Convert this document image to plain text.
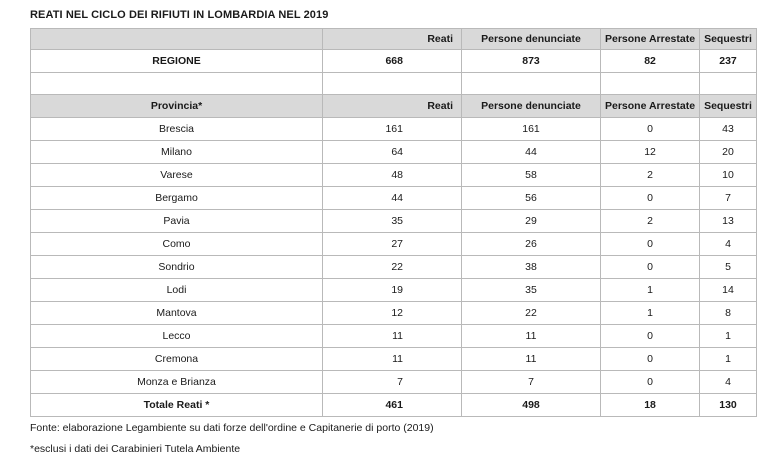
REATI NEL CICLO DEI RIFIUTI IN LOMBARDIA NEL 2019
	Reati	Persone denunciate	Persone Arrestate	Sequestri
REGIONE	668	873	82	237

Provincia*	Reati	Persone denunciate	Persone Arrestate	Sequestri
Brescia	161	161	0	43
Milano	64	44	12	20
Varese	48	58	2	10
Bergamo	44	56	0	7
Pavia	35	29	2	13
Como	27	26	0	4
Sondrio	22	38	0	5
Lodi	19	35	1	14
Mantova	12	22	1	8
Lecco	11	11	0	1
Cremona	11	11	0	1
Monza e Brianza	7	7	0	4
Totale Reati *	461	498	18	130
Fonte: elaborazione Legambiente su dati forze dell'ordine e Capitanerie di porto (2019)
*esclusi i dati dei Carabinieri Tutela Ambiente
